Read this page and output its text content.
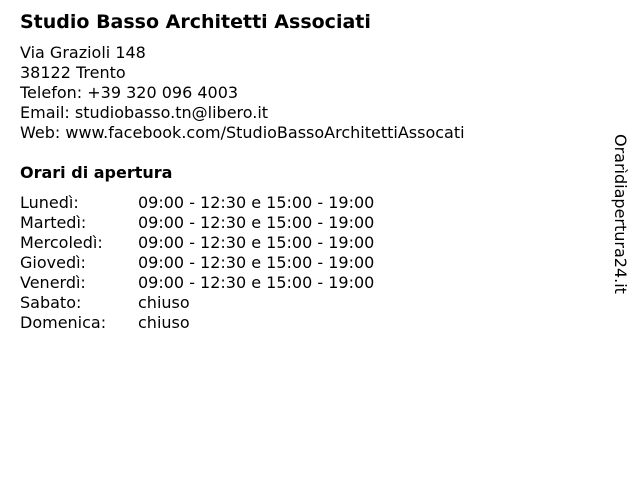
Studio Basso Architetti Associati
Via Grazioli 148
38122 Trento
Telefon: +39 320 096 4003
Email: studiobasso.tn@libero.it
Web: www.facebook.com/StudioBassoArchitettiAssocati
Orari di apertura
Lunedì:	09:00 - 12:30 e 15:00 - 19:00
Martedì:	09:00 - 12:30 e 15:00 - 19:00
Mercoledì: 09:00 - 12:30 e 15:00 - 19:00
Giovedì:	09:00 - 12:30 e 15:00 - 19:00
Venerdì:	09:00 - 12:30 e 15:00 - 19:00
Sabato:	chiuso
Domenica: chiuso
Orarìdiapertura24.it
